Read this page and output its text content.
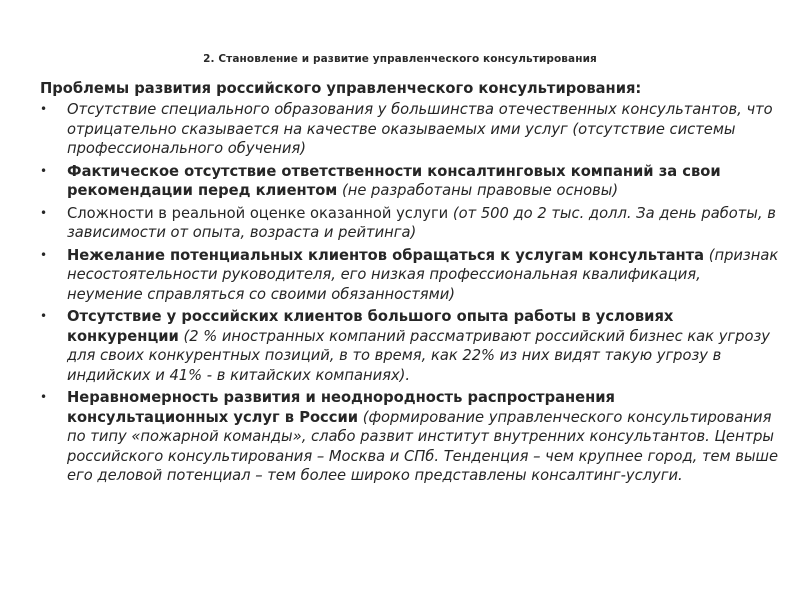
2. Становление и развитие управленческого консультирования
Проблемы развития российского управленческого консультирования:
• Отсутствие специального образования у большинства отечественных консультантов, что отрицательно сказывается на качестве оказываемых ими услуг (отсутствие системы профессионального обучения)
• Фактическое отсутствие ответственности консалтинговых компаний за свои рекомендации перед клиентом (не разработаны правовые основы)
• Сложности в реальной оценке оказанной услуги (от 500 до 2 тыс. долл. За день работы, в зависимости от опыта, возраста и рейтинга)
• Нежелание потенциальных клиентов обращаться к услугам консультанта (признак несостоятельности руководителя, его низкая профессиональная квалификация, неумение справляться со своими обязанностями)
• Отсутствие у российских клиентов большого опыта работы в условиях конкуренции (2 % иностранных компаний рассматривают российский бизнес как угрозу для своих конкурентных позиций, в то время, как 22% из них видят такую угрозу в индийских и 41% - в китайских компаниях).
• Неравномерность развития и неоднородность распространения консультационных услуг в России (формирование управленческого консультирования по типу «пожарной команды», слабо развит институт внутренних консультантов. Центры российского консультирования – Москва и СПб. Тенденция – чем крупнее город, тем выше его деловой потенциал – тем более широко представлены консалтинг-услуги.
